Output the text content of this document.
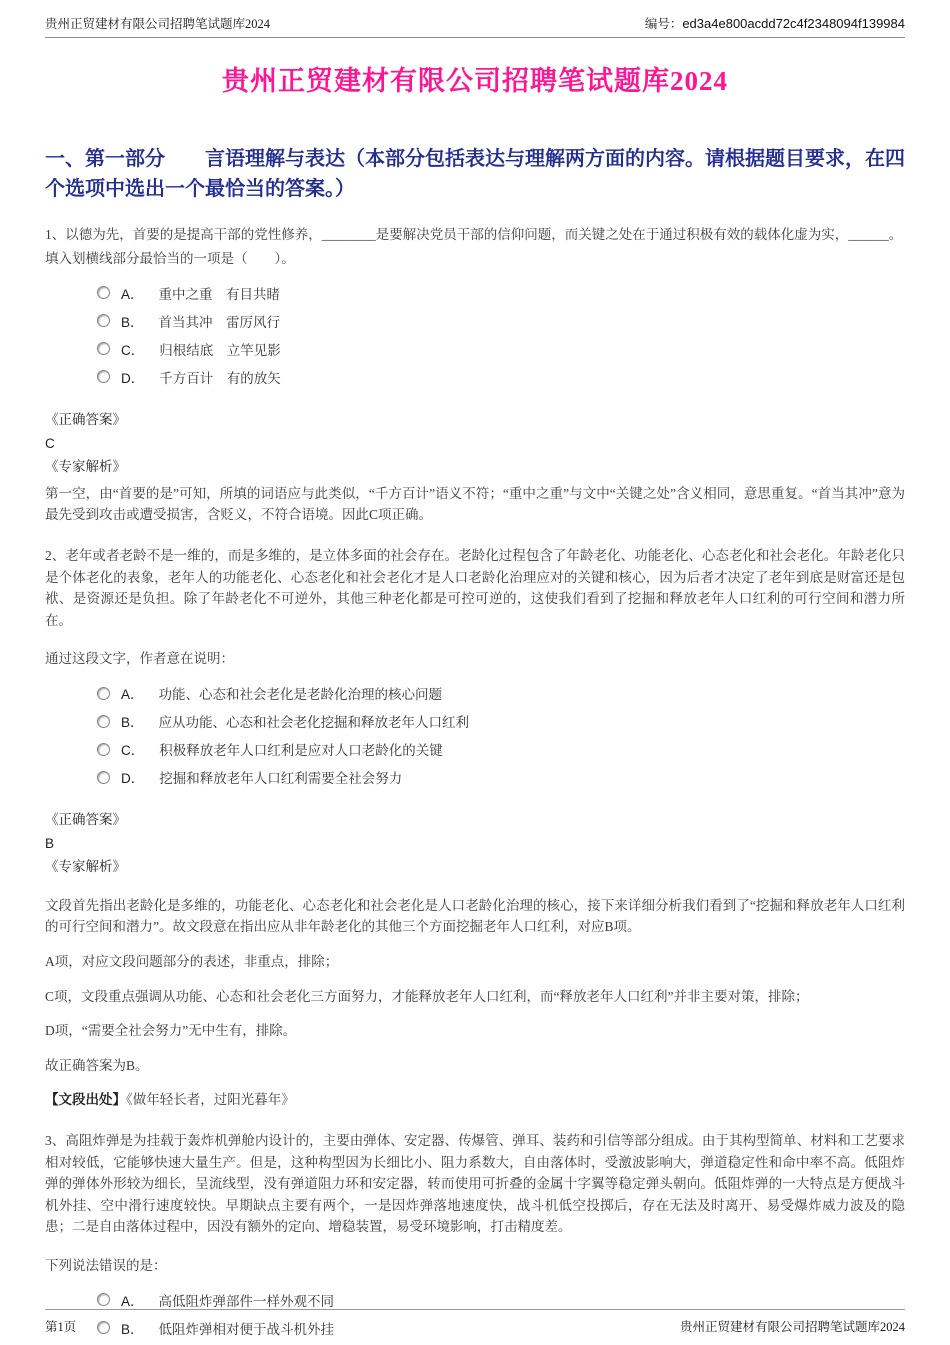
贵州正贸建材有限公司招聘笔试题库2024	编号：ed3a4e800acdd72c4f2348094f139984
贵州正贸建材有限公司招聘笔试题库2024
一、第一部分　　言语理解与表达（本部分包括表达与理解两方面的内容。请根据题目要求，在四个选项中选出一个最恰当的答案。）

1、以德为先，首要的是提高干部的党性修养，________是要解决党员干部的信仰问题，而关键之处在于通过积极有效的载体化虚为实，______。

填入划横线部分最恰当的一项是（　　）。

A． 重中之重　有目共睹
B． 首当其冲　雷厉风行
C． 归根结底　立竿见影
D． 千方百计　有的放矢

《正确答案》

C

《专家解析》

第一空，由“首要的是”可知，所填的词语应与此类似，“千方百计”语义不符；“重中之重”与文中“关键之处”含义相同，意思重复。“首当其冲”意为最先受到攻击或遭受损害，含贬义，不符合语境。因此C项正确。

2、老年或者老龄不是一维的，而是多维的，是立体多面的社会存在。老龄化过程包含了年龄老化、功能老化、心态老化和社会老化。年龄老化只是个体老化的表象，老年人的功能老化、心态老化和社会老化才是人口老龄化治理应对的关键和核心，因为后者才决定了老年到底是财富还是包袱、是资源还是负担。除了年龄老化不可逆外，其他三种老化都是可控可逆的，这使我们看到了挖掘和释放老年人口红利的可行空间和潜力所在。

通过这段文字，作者意在说明：

A． 功能、心态和社会老化是老龄化治理的核心问题
B． 应从功能、心态和社会老化挖掘和释放老年人口红利
C． 积极释放老年人口红利是应对人口老龄化的关键
D． 挖掘和释放老年人口红利需要全社会努力

《正确答案》

B

《专家解析》

文段首先指出老龄化是多维的，功能老化、心态老化和社会老化是人口老龄化治理的核心，接下来详细分析我们看到了“挖掘和释放老年人口红利的可行空间和潜力”。故文段意在指出应从非年龄老化的其他三个方面挖掘老年人口红利，对应B项。

A项，对应文段问题部分的表述，非重点，排除；

C项，文段重点强调从功能、心态和社会老化三方面努力，才能释放老年人口红利，而“释放老年人口红利”并非主要对策，排除；

D项，“需要全社会努力”无中生有，排除。

故正确答案为B。

【文段出处】《做年轻长者，过阳光暮年》

3、高阻炸弹是为挂载于轰炸机弹舱内设计的，主要由弹体、安定器、传爆管、弹耳、装药和引信等部分组成。由于其构型简单、材料和工艺要求相对较低，它能够快速大量生产。但是，这种构型因为长细比小、阻力系数大，自由落体时，受激波影响大，弹道稳定性和命中率不高。低阻炸弹的弹体外形较为细长，呈流线型，没有弹道阻力环和安定器，转而使用可折叠的金属十字翼等稳定弹头朝向。低阻炸弹的一大特点是方便战斗机外挂、空中滑行速度较快。早期缺点主要有两个，一是因炸弹落地速度快，战斗机低空投掷后，存在无法及时离开、易受爆炸威力波及的隐患；二是自由落体过程中，因没有额外的定向、增稳装置，易受环境影响，打击精度差。

下列说法错误的是：

A． 高低阻炸弹部件一样外观不同
B． 低阻炸弹相对便于战斗机外挂
第1页	贵州正贸建材有限公司招聘笔试题库2024
